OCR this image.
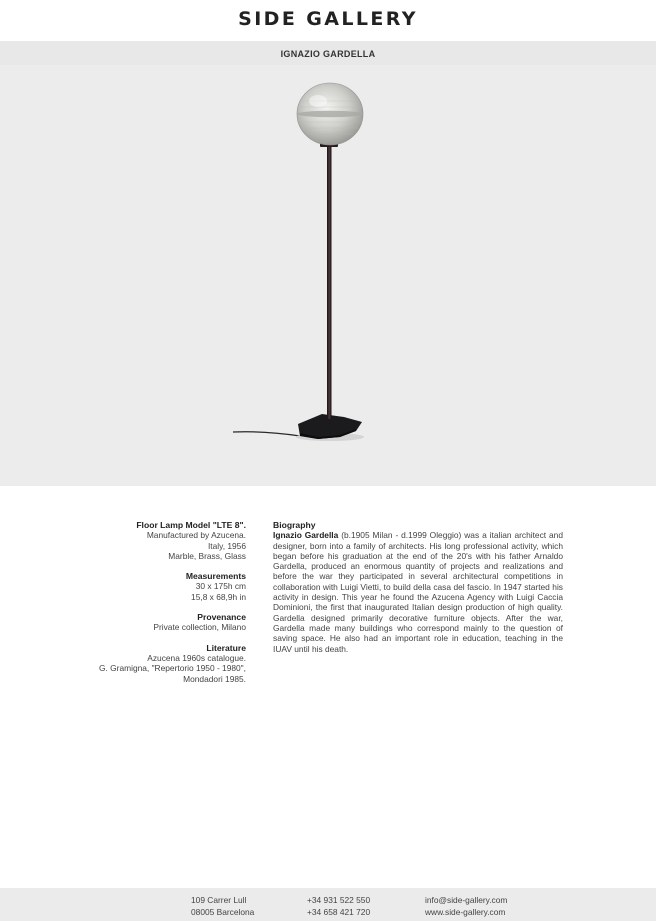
SIDE GALLERY
IGNAZIO GARDELLA
Floor Lamp Model "LTE 8".
Manufactured by Azucena.
Italy, 1956
Marble, Brass, Glass
Measurements
30 x 175h cm
15,8 x 68,9h in
Provenance
Private collection, Milano
Literature
Azucena 1960s catalogue.
G. Gramigna, "Repertorio 1950 - 1980",
Mondadori 1985.
Biography
Ignazio Gardella (b.1905 Milan - d.1999 Oleggio) was a italian architect and designer, born into a family of architects. His long professional activity, which began before his graduation at the end of the 20's with his father Arnaldo Gardella, produced an enormous quantity of projects and realizations and before the war they participated in several architectural competitions in collaboration with Luigi Vietti, to build della casa del fascio. In 1947 started his activity in design. This year he found the Azucena Agency with Luigi Caccia Dominioni, the first that inaugurated Italian design production of high quality. Gardella designed primarily decorative furniture objects. After the war, Gardella made many buildings who correspond mainly to the question of saving space. He also had an important role in education, teaching in the IUAV until his death.
109 Carrer Lull
08005 Barcelona
+34 931 522 550
+34 658 421 720
info@side-gallery.com
www.side-gallery.com
